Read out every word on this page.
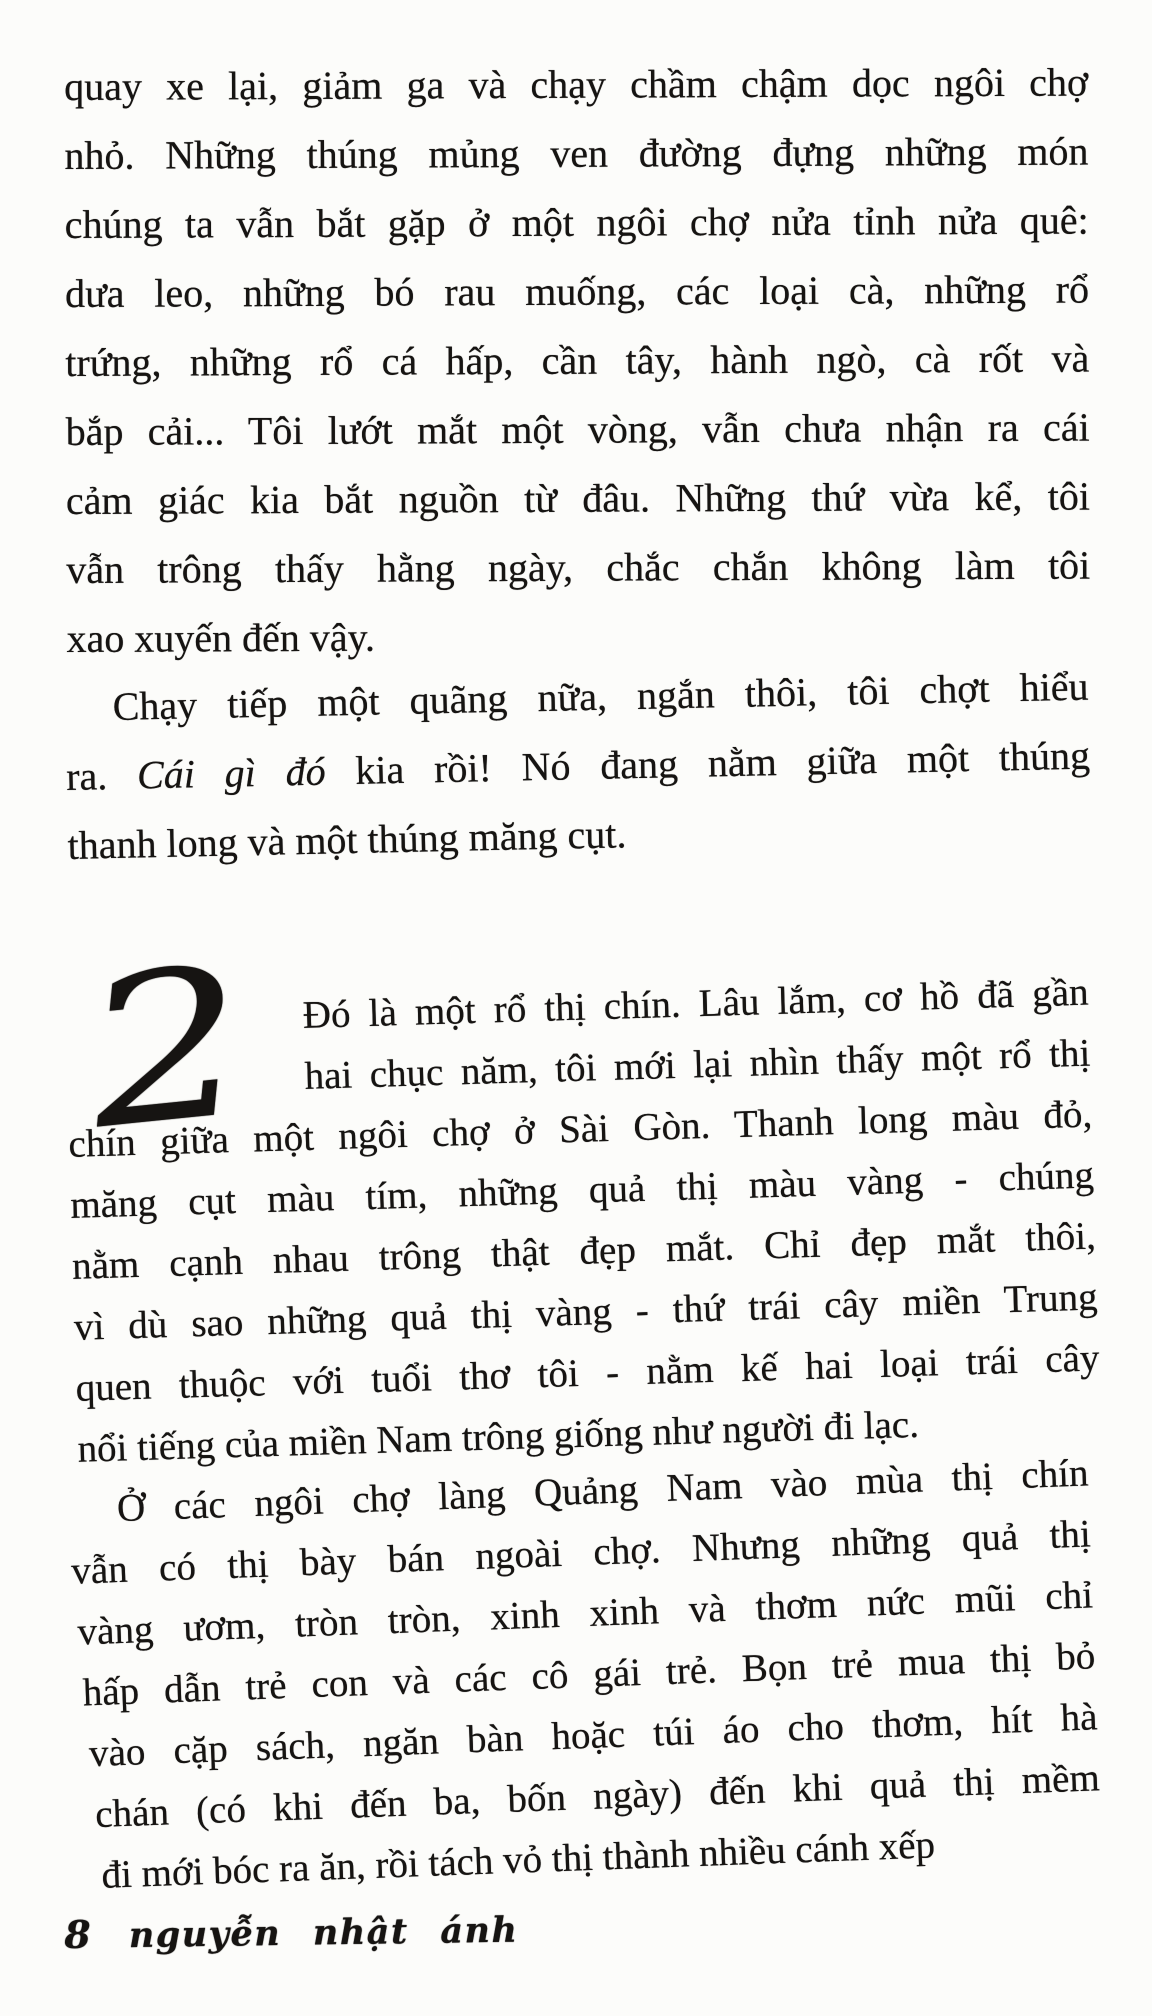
quay xe lại, giảm ga và chạy chầm chậm dọc ngôi chợ
nhỏ. Những thúng mủng ven đường đựng những món
chúng ta vẫn bắt gặp ở một ngôi chợ nửa tỉnh nửa quê:
dưa leo, những bó rau muống, các loại cà, những rổ
trứng, những rổ cá hấp, cần tây, hành ngò, cà rốt và
bắp cải... Tôi lướt mắt một vòng, vẫn chưa nhận ra cái
cảm giác kia bắt nguồn từ đâu. Những thứ vừa kể, tôi
vẫn trông thấy hằng ngày, chắc chắn không làm tôi
xao xuyến đến vậy.
Chạy tiếp một quãng nữa, ngắn thôi, tôi chợt hiểu
ra. Cái gì đó kia rồi! Nó đang nằm giữa một thúng
thanh long và một thúng măng cụt.
2 Đó là một rổ thị chín. Lâu lắm, cơ hồ đã gần
hai chục năm, tôi mới lại nhìn thấy một rổ thị
chín giữa một ngôi chợ ở Sài Gòn. Thanh long màu đỏ,
măng cụt màu tím, những quả thị màu vàng - chúng
nằm cạnh nhau trông thật đẹp mắt. Chỉ đẹp mắt thôi,
vì dù sao những quả thị vàng - thứ trái cây miền Trung
quen thuộc với tuổi thơ tôi - nằm kế hai loại trái cây
nổi tiếng của miền Nam trông giống như người đi lạc.
Ở các ngôi chợ làng Quảng Nam vào mùa thị chín
vẫn có thị bày bán ngoài chợ. Nhưng những quả thị
vàng ươm, tròn tròn, xinh xinh và thơm nức mũi chỉ
hấp dẫn trẻ con và các cô gái trẻ. Bọn trẻ mua thị bỏ
vào cặp sách, ngăn bàn hoặc túi áo cho thơm, hít hà
chán (có khi đến ba, bốn ngày) đến khi quả thị mềm
đi mới bóc ra ăn, rồi tách vỏ thị thành nhiều cánh xếp
8 nguyễn nhật ánh
